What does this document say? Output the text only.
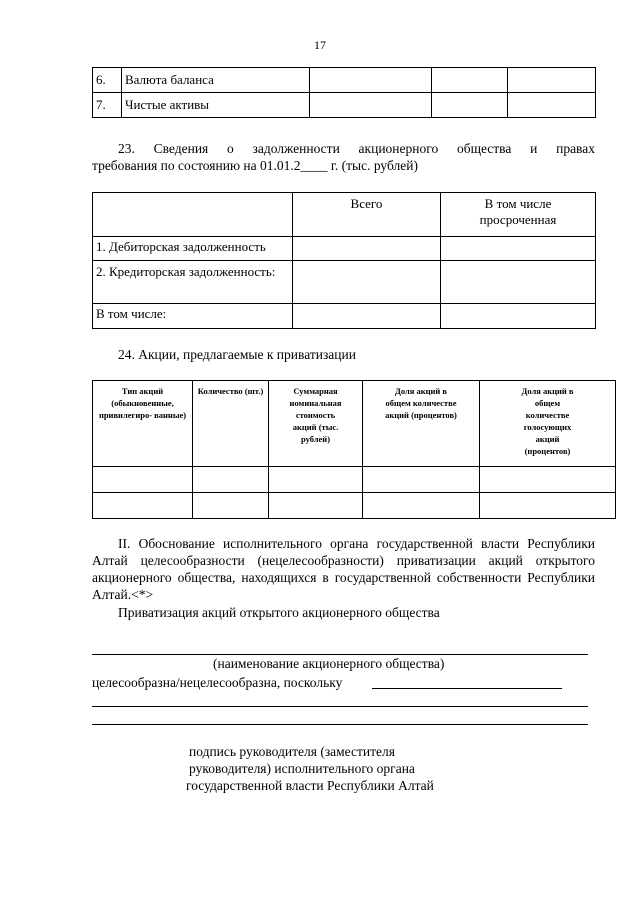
17
6.	Валюта баланса			
7.	Чистые активы			
23. Сведения о задолженности акционерного общества и правах
требования по состоянию на 01.01.2____ г. (тыс. рублей)
	Всего	В том числе просроченная
1. Дебиторская задолженность		
2. Кредиторская задолженность:		
В том числе:		
24. Акции, предлагаемые к приватизации
Тип акций (обыкновенные, привилегиро- ванные)	Количество (шт.)	Суммарная номинальная стоимость акций (тыс. рублей)	Доля акций в общем количестве акций (процентов)	Доля акций в общем количестве голосующих акций (процентов)

II. Обоснование исполнительного органа государственной власти Республики Алтай целесообразности (нецелесообразности) приватизации акций открытого акционерного общества, находящихся в государственной собственности Республики Алтай.<*>
Приватизация акций открытого акционерного общества
(наименование акционерного общества)
целесообразна/нецелесообразна, поскольку
подпись руководителя (заместителя
руководителя) исполнительного органа
государственной власти Республики Алтай
